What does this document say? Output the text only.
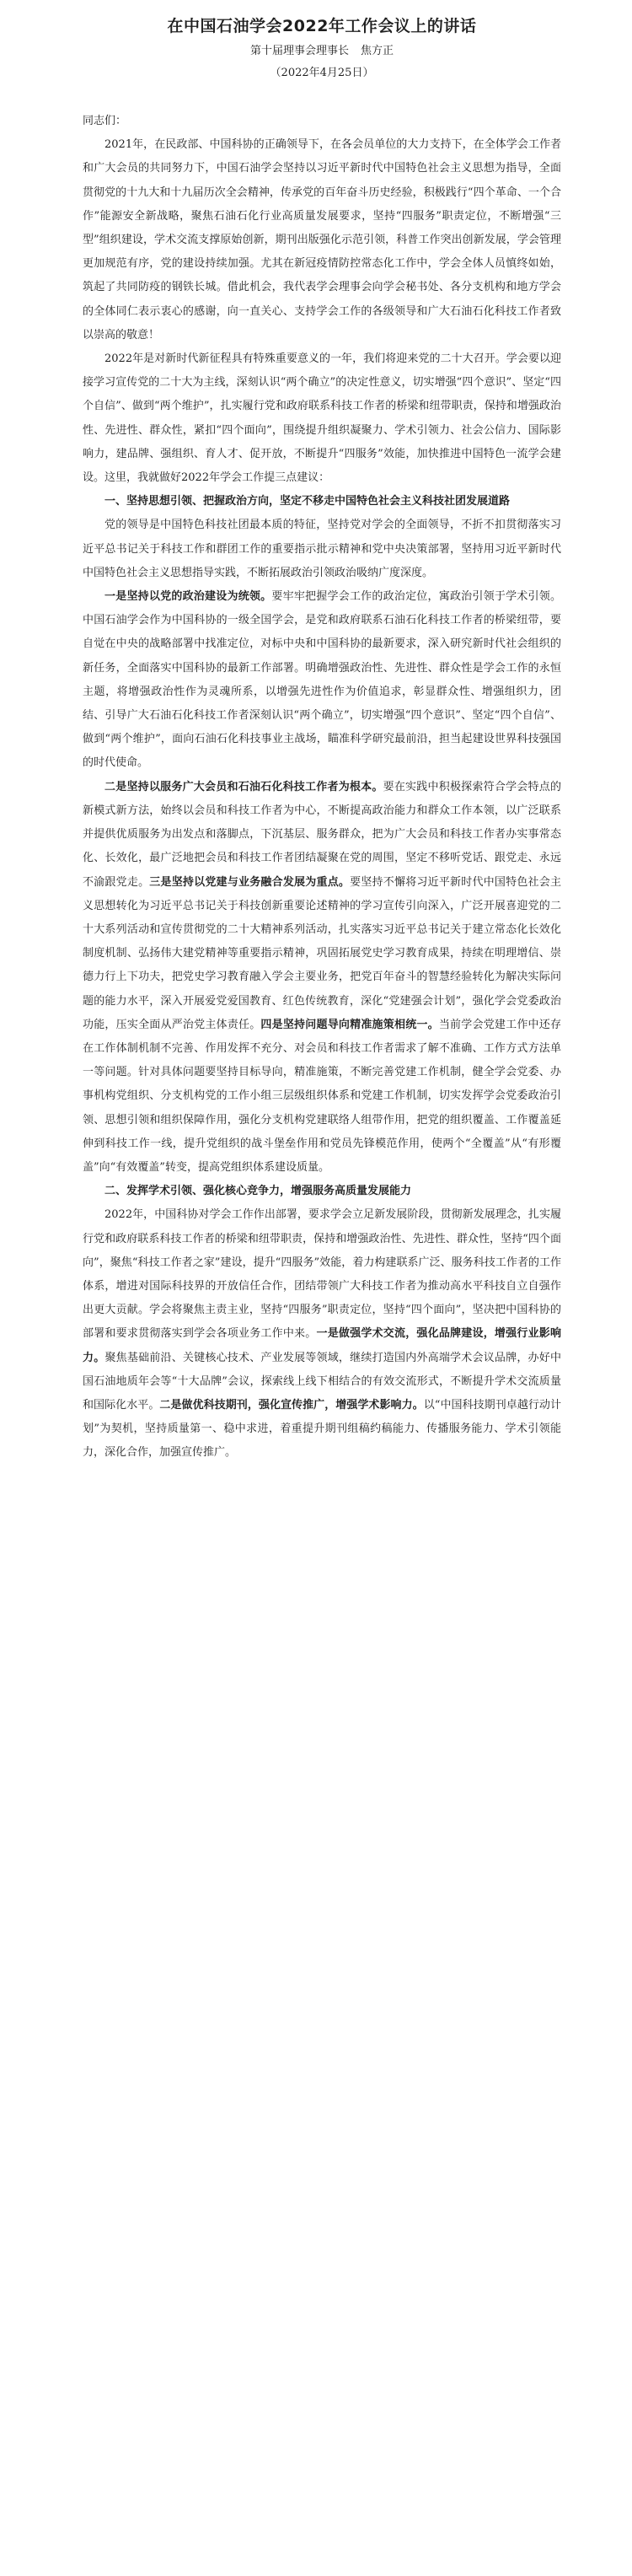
在中国石油学会2022年工作会议上的讲话

第十届理事会理事长 焦方正

（2022年4月25日）

同志们：

2021年，在民政部、中国科协的正确领导下，在各会员单位的大力支持下，在全体学会工作者和广大会员的共同努力下，中国石油学会坚持以习近平新时代中国特色社会主义思想为指导，全面贯彻党的十九大和十九届历次全会精神，传承党的百年奋斗历史经验，积极践行“四个革命、一个合作”能源安全新战略，聚焦石油石化行业高质量发展要求，坚持“四服务”职责定位，不断增强“三型”组织建设，学术交流支撑原始创新，期刊出版强化示范引领，科普工作突出创新发展，学会管理更加规范有序，党的建设持续加强。尤其在新冠疫情防控常态化工作中，学会全体人员慎终如始，筑起了共同防疫的钢铁长城。借此机会，我代表学会理事会向学会秘书处、各分支机构和地方学会的全体同仁表示衷心的感谢，向一直关心、支持学会工作的各级领导和广大石油石化科技工作者致以崇高的敬意！

2022年是对新时代新征程具有特殊重要意义的一年，我们将迎来党的二十大召开。学会要以迎接学习宣传党的二十大为主线，深刻认识“两个确立”的决定性意义，切实增强“四个意识”、坚定“四个自信”、做到“两个维护”，扎实履行党和政府联系科技工作者的桥梁和纽带职责，保持和增强政治性、先进性、群众性，紧扣“四个面向”，围绕提升组织凝聚力、学术引领力、社会公信力、国际影响力，建品牌、强组织、育人才、促开放，不断提升“四服务”效能，加快推进中国特色一流学会建设。这里，我就做好2022年学会工作提三点建议：

一、坚持思想引领、把握政治方向，坚定不移走中国特色社会主义科技社团发展道路

党的领导是中国特色科技社团最本质的特征，坚持党对学会的全面领导，不折不扣贯彻落实习近平总书记关于科技工作和群团工作的重要指示批示精神和党中央决策部署，坚持用习近平新时代中国特色社会主义思想指导实践，不断拓展政治引领政治吸纳广度深度。

一是坚持以党的政治建设为统领。要牢牢把握学会工作的政治定位，寓政治引领于学术引领。中国石油学会作为中国科协的一级全国学会，是党和政府联系石油石化科技工作者的桥梁纽带，要自觉在中央的战略部署中找准定位，对标中央和中国科协的最新要求，深入研究新时代社会组织的新任务，全面落实中国科协的最新工作部署。明确增强政治性、先进性、群众性是学会工作的永恒主题，将增强政治性作为灵魂所系，以增强先进性作为价值追求，彰显群众性、增强组织力，团结、引导广大石油石化科技工作者深刻认识“两个确立”，切实增强“四个意识”、坚定“四个自信”、做到“两个维护”，面向石油石化科技事业主战场，瞄准科学研究最前沿，担当起建设世界科技强国的时代使命。

二是坚持以服务广大会员和石油石化科技工作者为根本。要在实践中积极探索符合学会特点的新模式新方法，始终以会员和科技工作者为中心，不断提高政治能力和群众工作本领，以广泛联系并提供优质服务为出发点和落脚点，下沉基层、服务群众，把为广大会员和科技工作者办实事常态化、长效化，最广泛地把会员和科技工作者团结凝聚在党的周围，坚定不移听党话、跟党走、永远不渝跟党走。三是坚持以党建与业务融合发展为重点。要坚持不懈将习近平新时代中国特色社会主义思想转化为习近平总书记关于科技创新重要论述精神的学习宣传引向深入，广泛开展喜迎党的二十大系列活动和宣传贯彻党的二十大精神系列活动，扎实落实习近平总书记关于建立常态化长效化制度机制、弘扬伟大建党精神等重要指示精神，巩固拓展党史学习教育成果，持续在明理增信、崇德力行上下功夫，把党史学习教育融入学会主要业务，把党百年奋斗的智慧经验转化为解决实际问题的能力水平，深入开展爱党爱国教育、红色传统教育，深化“党建强会计划”，强化学会党委政治功能，压实全面从严治党主体责任。四是坚持问题导向精准施策相统一。当前学会党建工作中还存在工作体制机制不完善、作用发挥不充分、对会员和科技工作者需求了解不准确、工作方式方法单一等问题。针对具体问题要坚持目标导向，精准施策，不断完善党建工作机制，健全学会党委、办事机构党组织、分支机构党的工作小组三层级组织体系和党建工作机制，切实发挥学会党委政治引领、思想引领和组织保障作用，强化分支机构党建联络人组带作用，把党的组织覆盖、工作覆盖延伸到科技工作一线，提升党组织的战斗堡垒作用和党员先锋模范作用，使两个“全覆盖”从“有形覆盖”向“有效覆盖”转变，提高党组织体系建设质量。

二、发挥学术引领、强化核心竞争力，增强服务高质量发展能力

2022年，中国科协对学会工作作出部署，要求学会立足新发展阶段，贯彻新发展理念，扎实履行党和政府联系科技工作者的桥梁和纽带职责，保持和增强政治性、先进性、群众性，坚持“四个面向”，聚焦“科技工作者之家”建设，提升“四服务”效能，着力构建联系广泛、服务科技工作者的工作体系，增进对国际科技界的开放信任合作，团结带领广大科技工作者为推动高水平科技自立自强作出更大贡献。学会将聚焦主责主业，坚持“四服务”职责定位，坚持“四个面向”，坚决把中国科协的部署和要求贯彻落实到学会各项业务工作中来。一是做强学术交流，强化品牌建设，增强行业影响力。聚焦基础前沿、关键核心技术、产业发展等领域，继续打造国内外高端学术会议品牌，办好中国石油地质年会等“十大品牌”会议，探索线上线下相结合的有效交流形式，不断提升学术交流质量和国际化水平。二是做优科技期刊，强化宣传推广，增强学术影响力。以“中国科技期刊卓越行动计划”为契机，坚持质量第一、稳中求进，着重提升期刊组稿约稿能力、传播服务能力、学术引领能力，深化合作，加强宣传推广。
